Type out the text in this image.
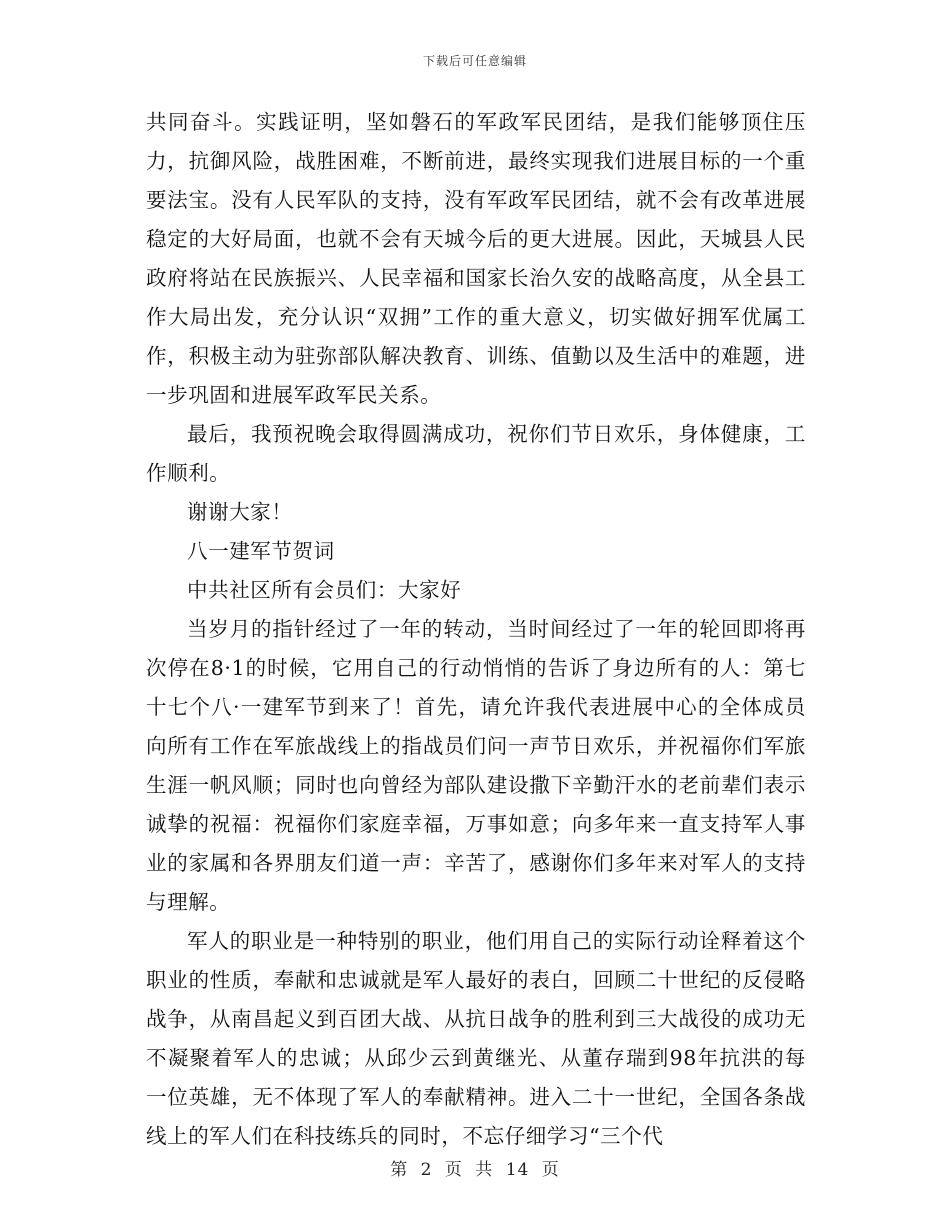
下载后可任意编辑

共同奋斗。实践证明，坚如磐石的军政军民团结，是我们能够顶住压力，抗御风险，战胜困难，不断前进，最终实现我们进展目标的一个重要法宝。没有人民军队的支持，没有军政军民团结，就不会有改革进展稳定的大好局面，也就不会有天城今后的更大进展。因此，天城县人民政府将站在民族振兴、人民幸福和国家长治久安的战略高度，从全县工作大局出发，充分认识“双拥”工作的重大意义，切实做好拥军优属工作，积极主动为驻弥部队解决教育、训练、值勤以及生活中的难题，进一步巩固和进展军政军民关系。

最后，我预祝晚会取得圆满成功，祝你们节日欢乐，身体健康，工作顺利。

谢谢大家！

八一建军节贺词

中共社区所有会员们：大家好

当岁月的指针经过了一年的转动，当时间经过了一年的轮回即将再次停在8·1的时候，它用自己的行动悄悄的告诉了身边所有的人：第七十七个八·一建军节到来了！首先，请允许我代表进展中心的全体成员向所有工作在军旅战线上的指战员们问一声节日欢乐，并祝福你们军旅生涯一帆风顺；同时也向曾经为部队建设撒下辛勤汗水的老前辈们表示诚挚的祝福：祝福你们家庭幸福，万事如意；向多年来一直支持军人事业的家属和各界朋友们道一声：辛苦了，感谢你们多年来对军人的支持与理解。

军人的职业是一种特别的职业，他们用自己的实际行动诠释着这个职业的性质，奉献和忠诚就是军人最好的表白，回顾二十世纪的反侵略战争，从南昌起义到百团大战、从抗日战争的胜利到三大战役的成功无不凝聚着军人的忠诚；从邱少云到黄继光、从董存瑞到98年抗洪的每一位英雄，无不体现了军人的奉献精神。进入二十一世纪，全国各条战线上的军人们在科技练兵的同时，不忘仔细学习“三个代

第 2 页 共 14 页
